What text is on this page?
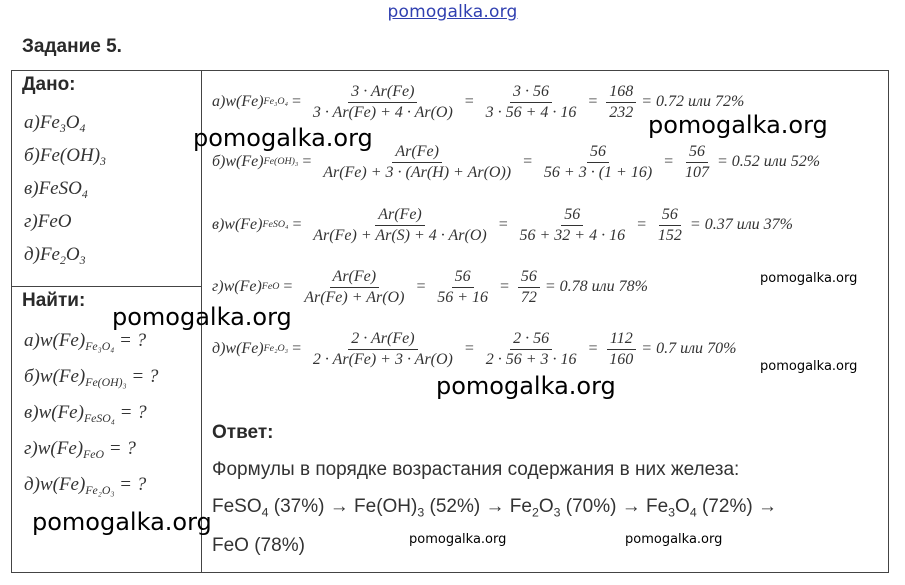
pomogalka.org
Задание 5.
Дано:
$а)Fe_3O_4$
$б)Fe(OH)_3$
в)FeSO$_4$
г)FeO
$д)Fe_2O_3$
Найти:
$а)w(Fe)_{Fe_3O_4}$ = ?
$б)w(Fe)_{Fe(OH)_3}$ = ?
$в)w(Fe)_{FeSO_4}$ = ?
$г)w(Fe)_{FeO}$ = ?
$д)w(Fe)_{Fe_2O_3}$ = ?
а)w(Fe) $Fe_3O_4 = \frac{3 \cdot Ar(Fe)}{3 \cdot Ar(Fe) + 4 \cdot Ar(O)} = \frac{3 \cdot 56}{3 \cdot 56 + 4 \cdot 16} = \frac{168}{232} = 0.72$
или
72%
б)w(Fe) $Fe(OH)_3 = \frac{Ar(Fe)}{Ar(Fe) + 3 \cdot (Ar(H) + Ar(O))} = \frac{56}{56 + 3 \cdot (1 + 16)} = \frac{56}{107} = 0.52$
или
52%
в)w(Fe) FeSO₄ = $\frac{Ar(Fe)}{Ar(Fe) + Ar(S) + 4 \cdot Ar(O)} = \frac{56}{56 + 32 + 4 \cdot 16} = \frac{56}{152} = 0.37$
или
37%
г)w(Fe) FeO = $\frac{Ar(Fe)}{Ar(Fe) + Ar(O)} = \frac{56}{56 + 16} = \frac{56}{72} = 0.78$
или
78%
д)w(Fe) $Fe_2O_3 = \frac{2 \cdot Ar(Fe)}{2 \cdot Ar(Fe) + 3 \cdot Ar(O)} = \frac{2 \cdot 56}{2 \cdot 56 + 3 \cdot 16} = \frac{112}{160} = 0.7$
или
70%
Ответ:
Формулы в порядке возрастания содержания в них железа:
FeSO$_4$ $(37\%) \to Fe(OH)_3$ $(52\%) \to Fe_2O_3$ $(70\%) \to Fe_3O_4$ (72%) →
FeO (78%)
pomogalka.org	pomogalka.org
pomogalka.org
pomogalka.org
pomogalka.org
pomogalka.org
pomogalka.org
pomogalka.org	pomogalka.org
